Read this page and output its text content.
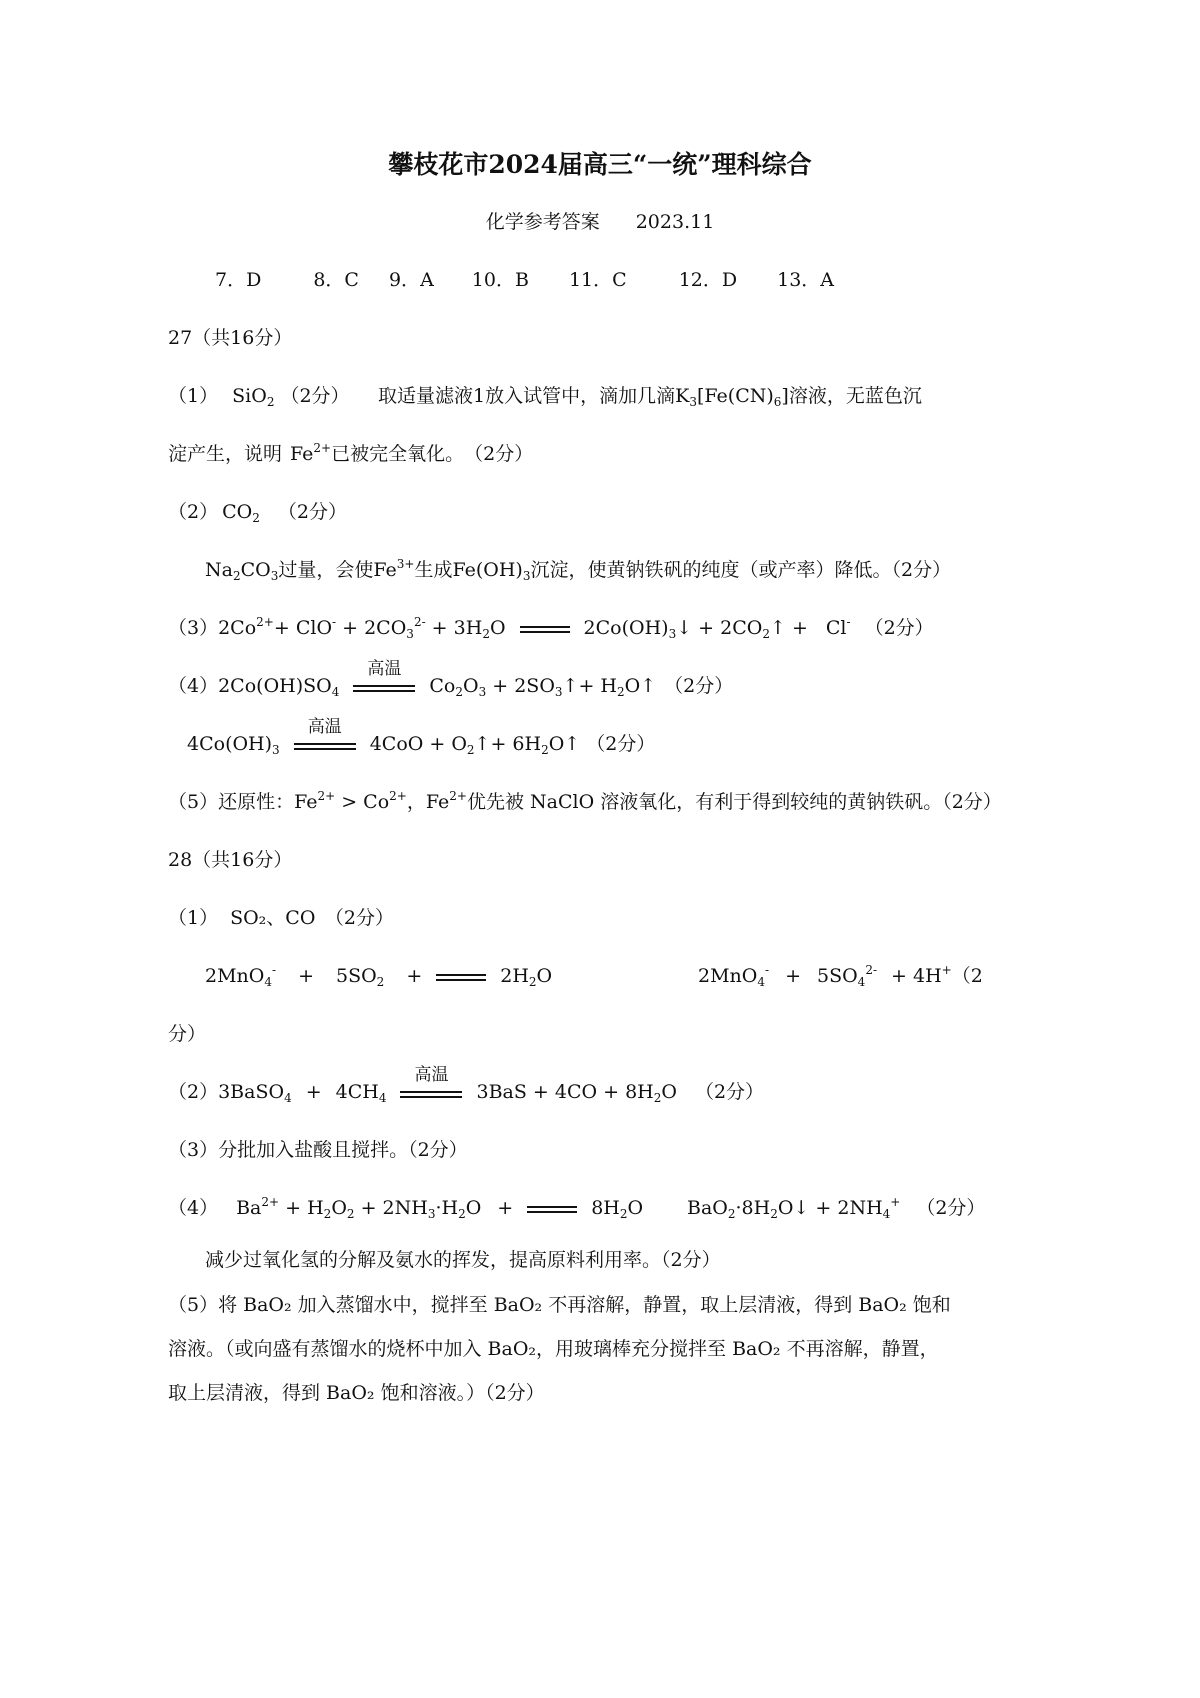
攀枝花市2024届高三“一统”理科综合
化学参考答案 2023.11
7．D	8．C 9．A 10．B 11．C	12．D 13．A
27（共16分）
（1） SiO$_2$ （2分）　　取适量滤液1放入试管中，滴加几滴$K_3[Fe(CN)_6]$溶液，无蓝色沉
淀产生，说明 $Fe^{2+}$已被完全氧化。　（2分）
（2） $CO_2$ （2分）
$Na_2CO_3$过量，会使$Fe^{3+}$生成$Fe(OH)_3$沉淀，使黄钠铁矾的纯度（或产率）降低。（2分）
$(3)2Co^{2+}+ ClO^- + 2CO_3^{2-} + 3H_2O$	$2Co(OH)_3↓$ + $2CO_2↑ + Cl^-$ （2分）
$(4)2Co(OH)SO_4$
高温
$Co_2O_3$ + $2SO_3↑+$ $H_2O↑$ （2分）
$4Co(OH)_3$
高温
$4CoO + O_2↑+$ $6H_2O↑$ （2分）
（5）还原性：$Fe^{2+} > Co^{2+}$，$Fe^{2+}$优先被 NaClO 溶液氧化，有利于得到较纯的黄钠铁矾。（2分）
28（共16分）
（1） SO₂、CO　（2分）
$2MnO_4^- + 5SO_2$ +	$2H_2O$	$2MnO_4^- + 5SO_4^{2-} + 4H^+(2$
分）
（2）3BaSO$_4$ + $4CH_4$
高温
$3BaS + 4CO + 8H_2O$ （2分）
（3）分批加入盐酸且搅拌。（2分）
（4） $Ba^{2+} + H_2O_2 + 2NH_3\cdot H_2O$ +	$8H_2O$ $BaO_2\cdot 8H_2O↓ + 2NH_4^+$ （2分）
减少过氧化氢的分解及氨水的挥发，提高原料利用率。（2分）
（5）将 BaO₂ 加入蒸馏水中，搅拌至 BaO₂ 不再溶解，静置，取上层清液，得到 BaO₂ 饱和
溶液。（或向盛有蒸馏水的烧杯中加入 BaO₂，用玻璃棒充分搅拌至 BaO₂ 不再溶解，静置，
取上层清液，得到 BaO₂ 饱和溶液。）（2分）
